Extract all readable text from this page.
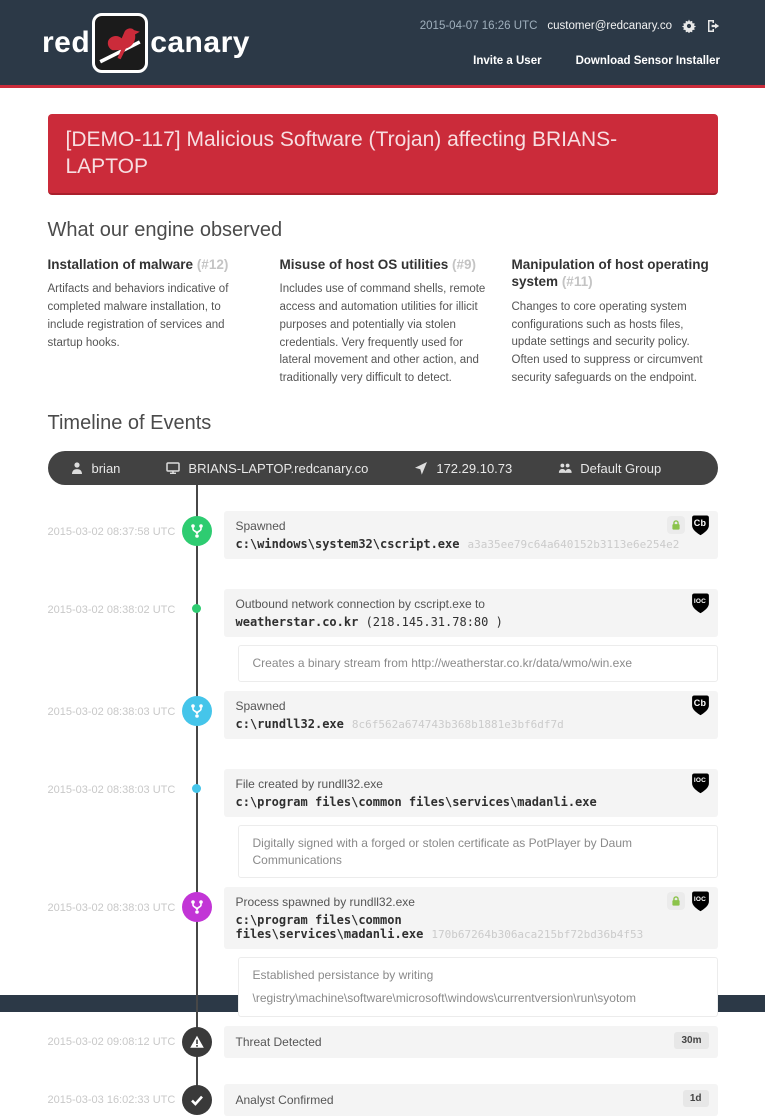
red canary	2015-04-07 16:26 UTC customer@redcanary.co
Invite a User	Download Sensor Installer
[DEMO-117] Malicious Software (Trojan) affecting BRIANS-LAPTOP
What our engine observed
Installation of malware (#12)

Artifacts and behaviors indicative of completed malware installation, to include registration of services and startup hooks.

Misuse of host OS utilities (#9)

Includes use of command shells, remote access and automation utilities for illicit purposes and potentially via stolen credentials. Very frequently used for lateral movement and other action, and traditionally very difficult to detect.

Manipulation of host operating system (#11)

Changes to core operating system configurations such as hosts files, update settings and security policy. Often used to suppress or circumvent security safeguards on the endpoint.

Timeline of Events
brian	BRIANS-LAPTOP.redcanary.co	172.29.10.73	Default Group
2015-03-02 08:37:58 UTC	Spawned
c:\windows\system32\cscript.exe a3a35ee79c64a640152b3113e6e254e2
Cb
2015-03-02 08:38:02 UTC	Outbound network connection by cscript.exe to
weatherstar.co.kr (218.145.31.78:80 )
IOC
Creates a binary stream from http://weatherstar.co.kr/data/wmo/win.exe
2015-03-02 08:38:03 UTC	Spawned
c:\rundll32.exe 8c6f562a674743b368b1881e3bf6df7d
Cb
2015-03-02 08:38:03 UTC	File created by rundll32.exe
c:\program files\common files\services\madanli.exe
IOC
Digitally signed with a forged or stolen certificate as PotPlayer by Daum Communications
2015-03-02 08:38:03 UTC	Process spawned by rundll32.exe
c:\program files\common files\services\madanli.exe 170b67264b306aca215bf72bd36b4f53
IOC
Established persistance by writing
\registry\machine\software\microsoft\windows\currentversion\run\syotom
2015-03-02 09:08:12 UTC	Threat Detected	30m
2015-03-03 16:02:33 UTC	Analyst Confirmed	1d
